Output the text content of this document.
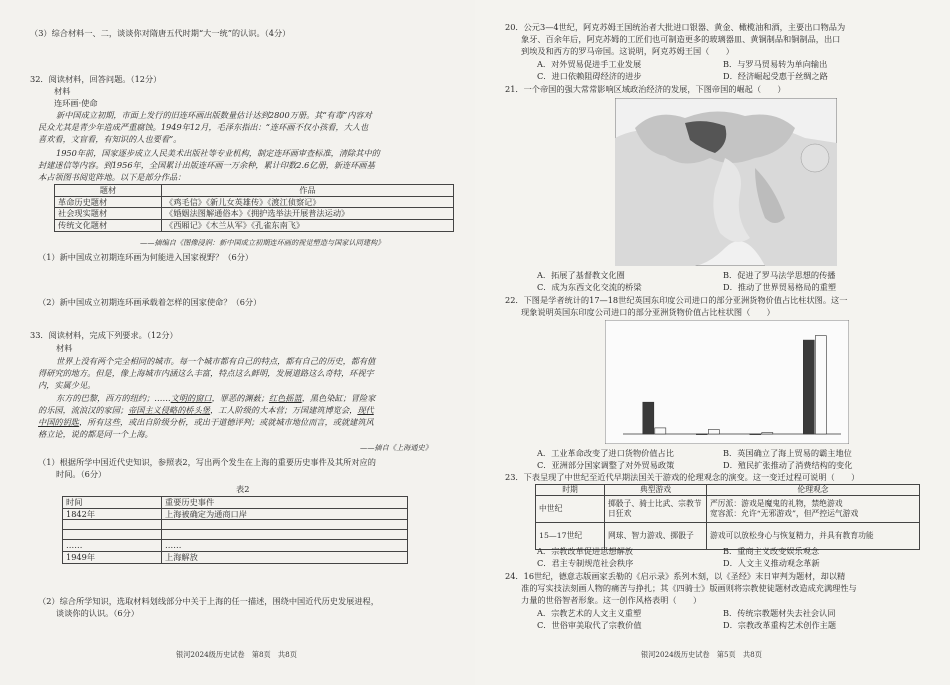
（3）综合材料一、二，谈谈你对隋唐五代时期“大一统”的认识。（4分）
32．阅读材料，回答问题。（12分）
材料
连环画·使命
新中国成立初期，市面上发行的旧连环画出版数量估计达到2800万册。其“有毒”内容对
民众尤其是青少年造成严重腐蚀。1949年12月，毛泽东指出：“连环画不仅小孩看，大人也
喜欢看，文盲看，有知识的人也要看”。
1950年前，国家逐步成立人民美术出版社等专业机构，制定连环画审查标准，清除其中的
封建迷信等内容。到1956年，全国累计出版连环画一万余种，累计印数2.6亿册，新连环画基
本占领图书阅览阵地。以下是部分作品：
题材	作品
革命历史题材	《鸡毛信》《新儿女英雄传》《渡江侦察记》
社会现实题材	《婚姻法图解通俗本》《拥护选举法开展普法运动》
传统文化题材	《西厢记》《木兰从军》《孔雀东南飞》
——摘编自《图像浸润：新中国成立初期连环画的视觉塑造与国家认同建构》
（1）新中国成立初期连环画为何能进入国家视野？（6分）
（2）新中国成立初期连环画承载着怎样的国家使命？（6分）
33．阅读材料，完成下列要求。（12分）
材料
世界上没有两个完全相同的城市。每一个城市都有自己的特点，都有自己的历史，都有值
得研究的地方。但是，像上海城市内涵这么丰富，特点这么鲜明，发展道路这么奇特，环视宇
内，实属少见。
东方的巴黎，西方的纽约；……文明的窗口，罪恶的渊薮；红色摇篮，黑色染缸；冒险家
的乐园，流浪汉的家园；帝国主义侵略的桥头堡，工人阶级的大本营；万国建筑博览会，现代
中国的钥匙，所有这些，或出自阶级分析，或出于道德评判；或就城市地位而言，或就建筑风
格立论，说的都是同一个上海。
——摘自《上海通史》
（1）根据所学中国近代史知识，参照表2，写出两个发生在上海的重要历史事件及其所对应的
时间。（6分）
表2
时间	重要历史事件
1842年	上海被确定为通商口岸

……	……
1949年	上海解放
（2）综合所学知识，选取材料划线部分中关于上海的任一描述，围绕中国近代历史发展进程，
谈谈你的认识。（6分）
银河2024级历史试卷　第8页　共8页
20．公元3—4世纪，阿克苏姆王国统治者大批进口银器、黄金、橄榄油和酒，主要出口物品为
象牙、百余年后，阿克苏姆的工匠们也可制造更多的玻璃器皿、黄铜制品和铜制品，出口
到埃及和西方的罗马帝国。这说明，阿克苏姆王国（　　）
A．对外贸易促进手工业发展	B．与罗马贸易转为单向输出
C．进口依赖阻碍经济的进步	D．经济崛起受惠于丝绸之路
21．一个帝国的强大常常影响区域政治经济的发展，下图帝国的崛起（　　）
A．拓展了基督教文化圈	B．促进了罗马法学思想的传播
C．成为东西文化交流的桥梁	D．推动了世界贸易格局的重塑
22．下图是学者统计的17—18世纪英国东印度公司进口的部分亚洲货物价值占比柱状图。这一
现象说明英国东印度公司进口的部分亚洲货物价值占比柱状图（　　）
A．工业革命改变了进口货物价值占比	B．英国确立了海上贸易的霸主地位
C．亚洲部分国家调整了对外贸易政策	D．殖民扩张推动了消费结构的变化
23．下表呈现了中世纪至近代早期法国关于游戏的伦理观念的演变。这一变迁过程可说明（　　）
时期	典型游戏	伦理观念
中世纪	掷骰子、骑士比武、宗教节日狂欢	严厉派：游戏是魔鬼的礼物，禁绝游戏
宽容派：允许“无邪游戏”，但严控运气游戏

15—17世纪	网球、智力游戏、掷骰子	游戏可以放松身心与恢复精力，并具有教育功能
A．宗教改革促进思想解放	B．重商主义改变娱乐观念
C．君主专制规范社会秩序	D．人文主义推动观念革新
24．16世纪，德意志版画家丢勒的《启示录》系列木刻，以《圣经》末日审判为题材，却以精
准的写实技法刻画人物的痛苦与挣扎；其《四骑士》版画则将宗教使徒题材改造成充满理性与
力量的世俗智者形象。这一创作风格表明（　　）
A．宗教艺术的人文主义重塑	B．传统宗教题材失去社会认同
C．世俗审美取代了宗教价值	D．宗教改革重构艺术创作主题
银河2024级历史试卷　第5页　共8页
